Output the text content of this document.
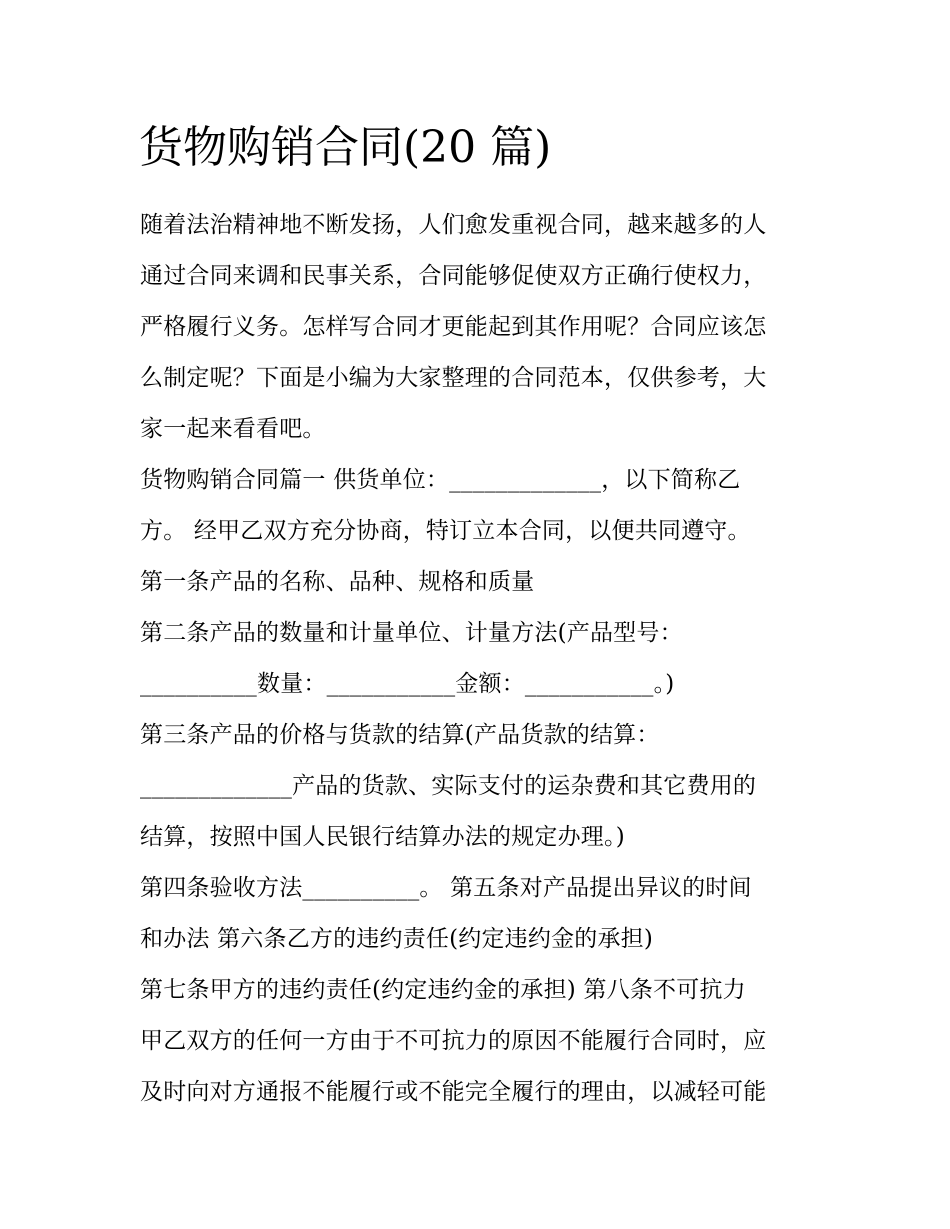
货物购销合同(20 篇)
随着法治精神地不断发扬，人们愈发重视合同，越来越多的人
通过合同来调和民事关系，合同能够促使双方正确行使权力，
严格履行义务。怎样写合同才更能起到其作用呢？合同应该怎
么制定呢？下面是小编为大家整理的合同范本，仅供参考，大
家一起来看看吧。
货物购销合同篇一 供货单位：_____________，以下简称乙
方。 经甲乙双方充分协商，特订立本合同，以便共同遵守。
第一条产品的名称、品种、规格和质量
第二条产品的数量和计量单位、计量方法(产品型号：
__________数量：___________金额：___________。)
第三条产品的价格与货款的结算(产品货款的结算：
_____________产品的货款、实际支付的运杂费和其它费用的
结算，按照中国人民银行结算办法的规定办理。)
第四条验收方法__________。 第五条对产品提出异议的时间
和办法 第六条乙方的违约责任(约定违约金的承担)
第七条甲方的违约责任(约定违约金的承担) 第八条不可抗力
甲乙双方的任何一方由于不可抗力的原因不能履行合同时，应
及时向对方通报不能履行或不能完全履行的理由，以减轻可能
